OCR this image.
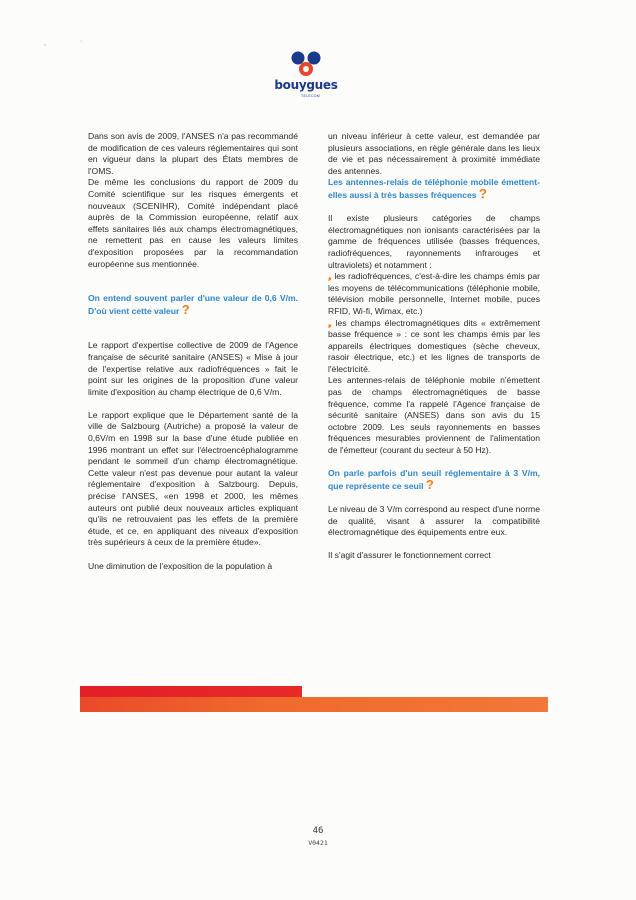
,	·
bouygues
TELECOM

Dans son avis de 2009, l'ANSES n'a pas recommandé de modification de ces valeurs réglementaires qui sont en vigueur dans la plupart des États membres de l'OMS.

De même les conclusions du rapport de 2009 du Comité scientifique sur les risques émergents et nouveaux (SCENIHR), Comité indépendant placé auprès de la Commission européenne, relatif aux effets sanitaires liés aux champs électromagnétiques, ne remettent pas en cause les valeurs limites d'exposition proposées par la recommandation européenne sus mentionnée.

On entend souvent parler d'une valeur de 0,6 V/m. D'où vient cette valeur ?

Le rapport d'expertise collective de 2009 de l'Agence française de sécurité sanitaire (ANSES) « Mise à jour de l'expertise relative aux radiofréquences » fait le point sur les origines de la proposition d'une valeur limite d'exposition au champ électrique de 0,6 V/m.

Le rapport explique que le Département santé de la ville de Salzbourg (Autriche) a proposé la valeur de 0,6V/m en 1998 sur la base d'une étude publiée en 1996 montrant un effet sur l'électroencéphalogramme pendant le sommeil d'un champ électromagnétique. Cette valeur n'est pas devenue pour autant la valeur réglementaire d'exposition à Salzbourg. Depuis, précise l'ANSES, «en 1998 et 2000, les mêmes auteurs ont publié deux nouveaux articles expliquant qu'ils ne retrouvaient pas les effets de la première étude, et ce, en appliquant des niveaux d'exposition très supérieurs à ceux de la première étude».

Une diminution de l'exposition de la population à

un niveau inférieur à cette valeur, est demandée par plusieurs associations, en règle générale dans les lieux de vie et pas nécessairement à proximité immédiate des antennes.

Les antennes-relais de téléphonie mobile émettent-elles aussi à très basses fréquences ?

Il existe plusieurs catégories de champs électromagnétiques non ionisants caractérisées par la gamme de fréquences utilisée (basses fréquences, radiofréquences, rayonnements infrarouges et ultraviolets) et notamment :

❟ les radiofréquences, c'est-à-dire les champs émis par les moyens de télécommunications (téléphonie mobile, télévision mobile personnelle, Internet mobile, puces RFID, Wi-fi, Wimax, etc.)

❟ les champs électromagnétiques dits « extrêmement basse fréquence » : ce sont les champs émis par les appareils électriques domestiques (sèche cheveux, rasoir électrique, etc.) et les lignes de transports de l'électricité.

Les antennes-relais de téléphonie mobile n'émettent pas de champs électromagnétiques de basse fréquence, comme l'a rappelé l'Agence française de sécurité sanitaire (ANSES) dans son avis du 15 octobre 2009. Les seuls rayonnements en basses fréquences mesurables proviennent de l'alimentation de l'émetteur (courant du secteur à 50 Hz).

On parle parfois d'un seuil réglementaire à 3 V/m, que représente ce seuil ?

Le niveau de 3 V/m correspond au respect d'une norme de qualité, visant à assurer la compatibilité électromagnétique des équipements entre eux.

Il s'agit d'assurer le fonctionnement correct

46
V0421
